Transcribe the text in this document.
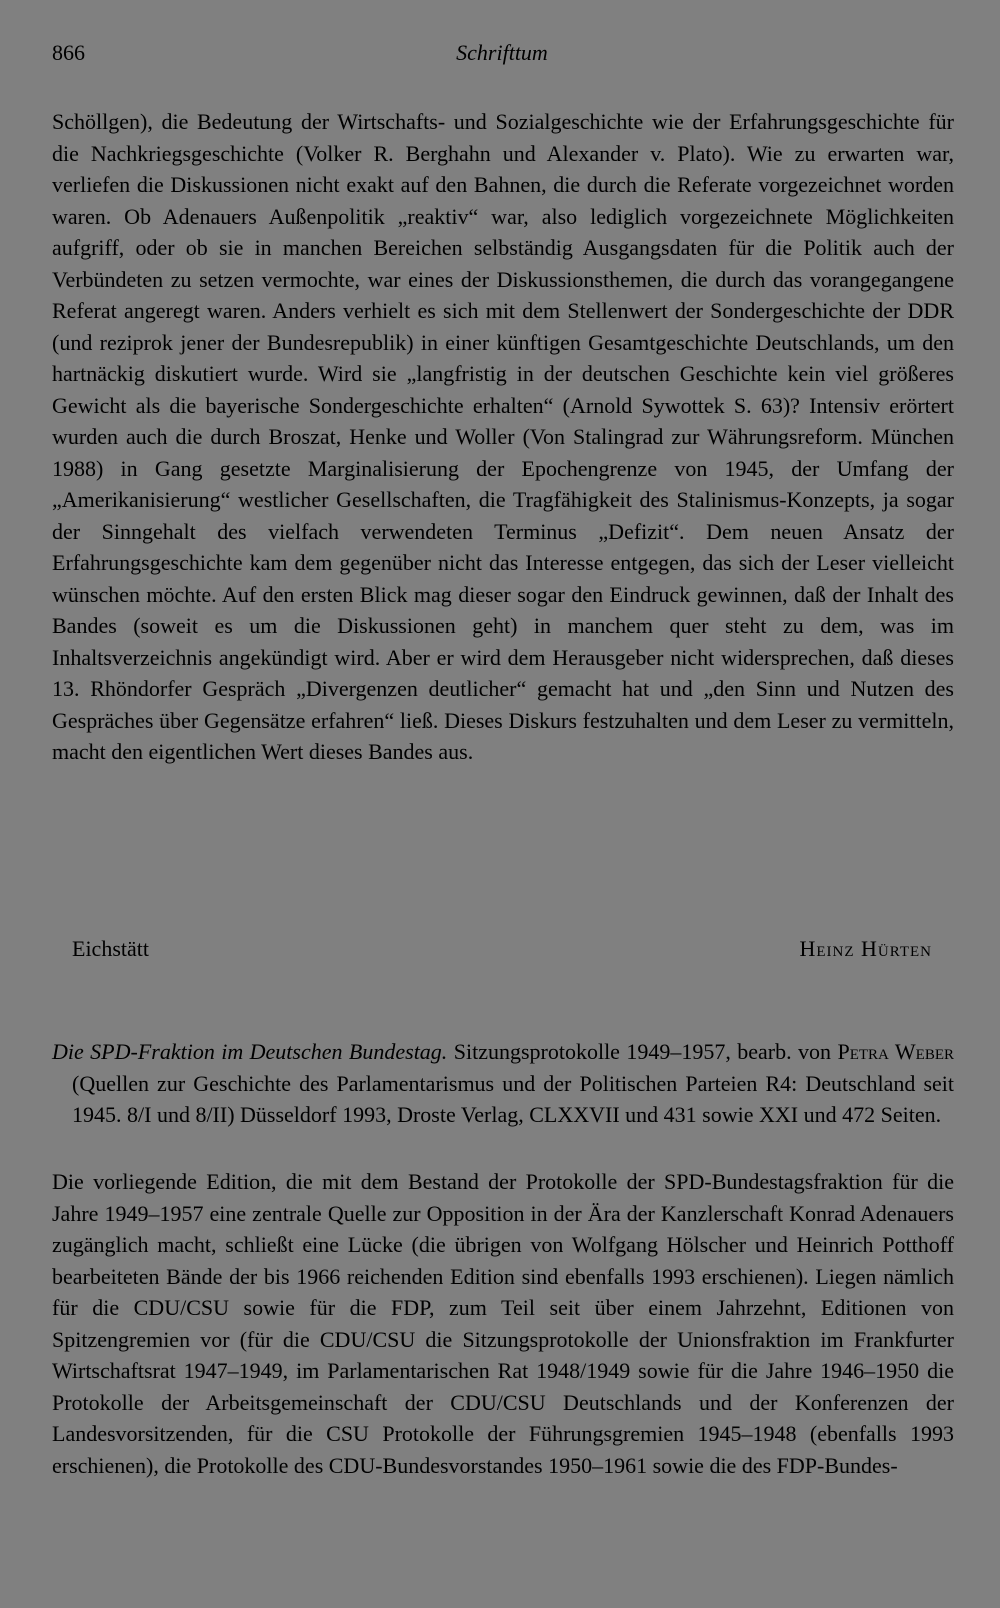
866	Schrifttum

Schöllgen), die Bedeutung der Wirtschafts- und Sozialgeschichte wie der Erfahrungsgeschichte für die Nachkriegsgeschichte (Volker R. Berghahn und Alexander v. Plato). Wie zu erwarten war, verliefen die Diskussionen nicht exakt auf den Bahnen, die durch die Referate vorgezeichnet worden waren. Ob Adenauers Außenpolitik „reaktiv“ war, also lediglich vorgezeichnete Möglichkeiten aufgriff, oder ob sie in manchen Bereichen selbständig Ausgangsdaten für die Politik auch der Verbündeten zu setzen vermochte, war eines der Diskussionsthemen, die durch das vorangegangene Referat angeregt waren. Anders verhielt es sich mit dem Stellenwert der Sondergeschichte der DDR (und reziprok jener der Bundesrepublik) in einer künftigen Gesamtgeschichte Deutschlands, um den hartnäckig diskutiert wurde. Wird sie „langfristig in der deutschen Geschichte kein viel größeres Gewicht als die bayerische Sondergeschichte erhalten“ (Arnold Sywottek S. 63)? Intensiv erörtert wurden auch die durch Broszat, Henke und Woller (Von Stalingrad zur Währungsreform. München 1988) in Gang gesetzte Marginalisierung der Epochengrenze von 1945, der Umfang der „Amerikanisierung“ westlicher Gesellschaften, die Tragfähigkeit des Stalinismus-Konzepts, ja sogar der Sinngehalt des vielfach verwendeten Terminus „Defizit“. Dem neuen Ansatz der Erfahrungsgeschichte kam dem gegenüber nicht das Interesse entgegen, das sich der Leser vielleicht wünschen möchte. Auf den ersten Blick mag dieser sogar den Eindruck gewinnen, daß der Inhalt des Bandes (soweit es um die Diskussionen geht) in manchem quer steht zu dem, was im Inhaltsverzeichnis angekündigt wird. Aber er wird dem Herausgeber nicht widersprechen, daß dieses 13. Rhöndorfer Gespräch „Divergenzen deutlicher“ gemacht hat und „den Sinn und Nutzen des Gespräches über Gegensätze erfahren“ ließ. Dieses Diskurs festzuhalten und dem Leser zu vermitteln, macht den eigentlichen Wert dieses Bandes aus.

Eichstätt	Heinz Hürten

Die SPD-Fraktion im Deutschen Bundestag. Sitzungsprotokolle 1949–1957, bearb. von Petra Weber (Quellen zur Geschichte des Parlamentarismus und der Politischen Parteien R4: Deutschland seit 1945. 8/I und 8/II) Düsseldorf 1993, Droste Verlag, CLXXVII und 431 sowie XXI und 472 Seiten.

Die vorliegende Edition, die mit dem Bestand der Protokolle der SPD-Bundestagsfraktion für die Jahre 1949–1957 eine zentrale Quelle zur Opposition in der Ära der Kanzlerschaft Konrad Adenauers zugänglich macht, schließt eine Lücke (die übrigen von Wolfgang Hölscher und Heinrich Potthoff bearbeiteten Bände der bis 1966 reichenden Edition sind ebenfalls 1993 erschienen). Liegen nämlich für die CDU/CSU sowie für die FDP, zum Teil seit über einem Jahrzehnt, Editionen von Spitzengremien vor (für die CDU/CSU die Sitzungsprotokolle der Unionsfraktion im Frankfurter Wirtschaftsrat 1947–1949, im Parlamentarischen Rat 1948/1949 sowie für die Jahre 1946–1950 die Protokolle der Arbeitsgemeinschaft der CDU/CSU Deutschlands und der Konferenzen der Landesvorsitzenden, für die CSU Protokolle der Führungsgremien 1945–1948 (ebenfalls 1993 erschienen), die Protokolle des CDU-Bundesvorstandes 1950–1961 sowie die des FDP-Bundes-
